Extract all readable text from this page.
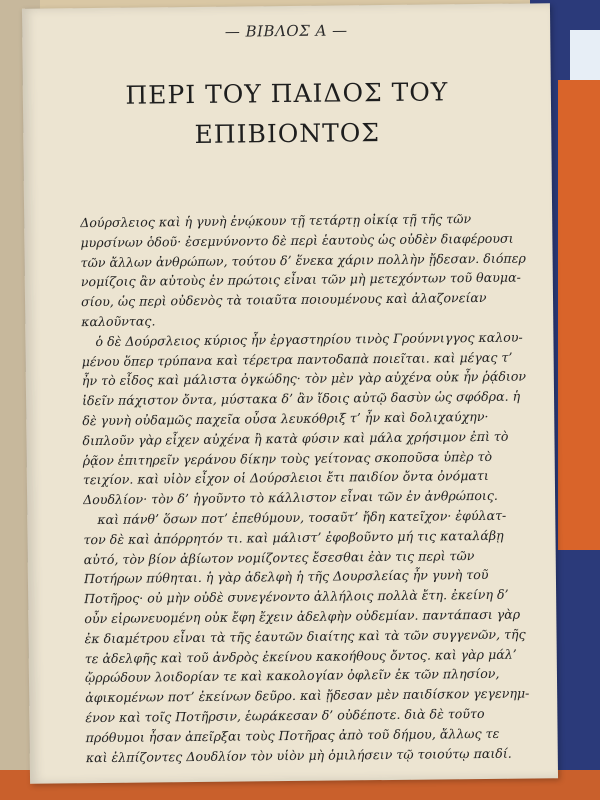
— ΒΙΒΛΟΣ Α —
ΠΕΡΙ ΤΟΥ ΠΑΙΔΟΣ ΤΟΥ
ΕΠΙΒΙΟΝΤΟΣ
Δούρσλειος καὶ ἡ γυνὴ ἐνῴκουν τῇ τετάρτῃ οἰκίᾳ τῇ τῆς τῶν
μυρσίνων ὁδοῦ· ἐσεμνύνοντο δὲ περὶ ἑαυτοὺς ὡς οὐδὲν διαφέρουσι
τῶν ἄλλων ἀνθρώπων, τούτου δ’ ἕνεκα χάριν πολλὴν ᾔδεσαν. διόπερ
νομίζοις ἂν αὐτοὺς ἐν πρώτοις εἶναι τῶν μὴ μετεχόντων τοῦ θαυμα-
σίου, ὡς περὶ οὐδενὸς τὰ τοιαῦτα ποιουμένους καὶ ἀλαζονείαν
καλοῦντας.
ὁ δὲ Δούρσλειος κύριος ἦν ἐργαστηρίου τινὸς Γρούννιγγος καλου-
μένου ὅπερ τρύπανα καὶ τέρετρα παντοδαπὰ ποιεῖται. καὶ μέγας τ’
ἦν τὸ εἶδος καὶ μάλιστα ὀγκώδης· τὸν μὲν γὰρ αὐχένα οὐκ ἦν ῥᾴδιον
ἰδεῖν πάχιστον ὄντα, μύστακα δ’ ἂν ἴδοις αὐτῷ δασὺν ὡς σφόδρα. ἡ
δὲ γυνὴ οὐδαμῶς παχεῖα οὖσα λευκόθριξ τ’ ἦν καὶ δολιχαύχην·
διπλοῦν γὰρ εἶχεν αὐχένα ἢ κατὰ φύσιν καὶ μάλα χρήσιμον ἐπὶ τὸ
ῥᾷον ἐπιτηρεῖν γεράνου δίκην τοὺς γείτονας σκοποῦσα ὑπὲρ τὸ
τειχίον. καὶ υἱὸν εἶχον οἱ Δούρσλειοι ἔτι παιδίον ὄντα ὀνόματι
Δουδλίον· τὸν δ’ ἡγοῦντο τὸ κάλλιστον εἶναι τῶν ἐν ἀνθρώποις.
καὶ πάνθ’ ὅσων ποτ’ ἐπεθύμουν, τοσαῦτ’ ἤδη κατεῖχον· ἐφύλατ-
τον δὲ καὶ ἀπόρρητόν τι. καὶ μάλιστ’ ἐφοβοῦντο μή τις καταλάβῃ
αὐτό, τὸν βίον ἀβίωτον νομίζοντες ἔσεσθαι ἐὰν τις περὶ τῶν
Ποτήρων πύθηται. ἡ γὰρ ἀδελφὴ ἡ τῆς Δουρσλείας ἦν γυνὴ τοῦ
Ποτῆρος· οὐ μὴν οὐδὲ συνεγένοντο ἀλλήλοις πολλὰ ἔτη. ἐκείνη δ’
οὖν εἰρωνευομένη οὐκ ἔφη ἔχειν ἀδελφὴν οὐδεμίαν. παντάπασι γὰρ
ἐκ διαμέτρου εἶναι τὰ τῆς ἑαυτῶν διαίτης καὶ τὰ τῶν συγγενῶν, τῆς
τε ἀδελφῆς καὶ τοῦ ἀνδρὸς ἐκείνου κακοήθους ὄντος. καὶ γὰρ μάλ’
ᾤρρώδουν λοιδορίαν τε καὶ κακολογίαν ὀφλεῖν ἐκ τῶν πλησίον,
ἀφικομένων ποτ’ ἐκείνων δεῦρο. καὶ ᾔδεσαν μὲν παιδίσκον γεγενημ-
ένον καὶ τοῖς Ποτῆρσιν, ἑωράκεσαν δ’ οὐδέποτε. διὰ δὲ τοῦτο
πρόθυμοι ἦσαν ἀπεῖρξαι τοὺς Ποτῆρας ἀπὸ τοῦ δήμου, ἄλλως τε
καὶ ἐλπίζοντες Δουδλίον τὸν υἱὸν μὴ ὁμιλήσειν τῷ τοιούτῳ παιδί.
